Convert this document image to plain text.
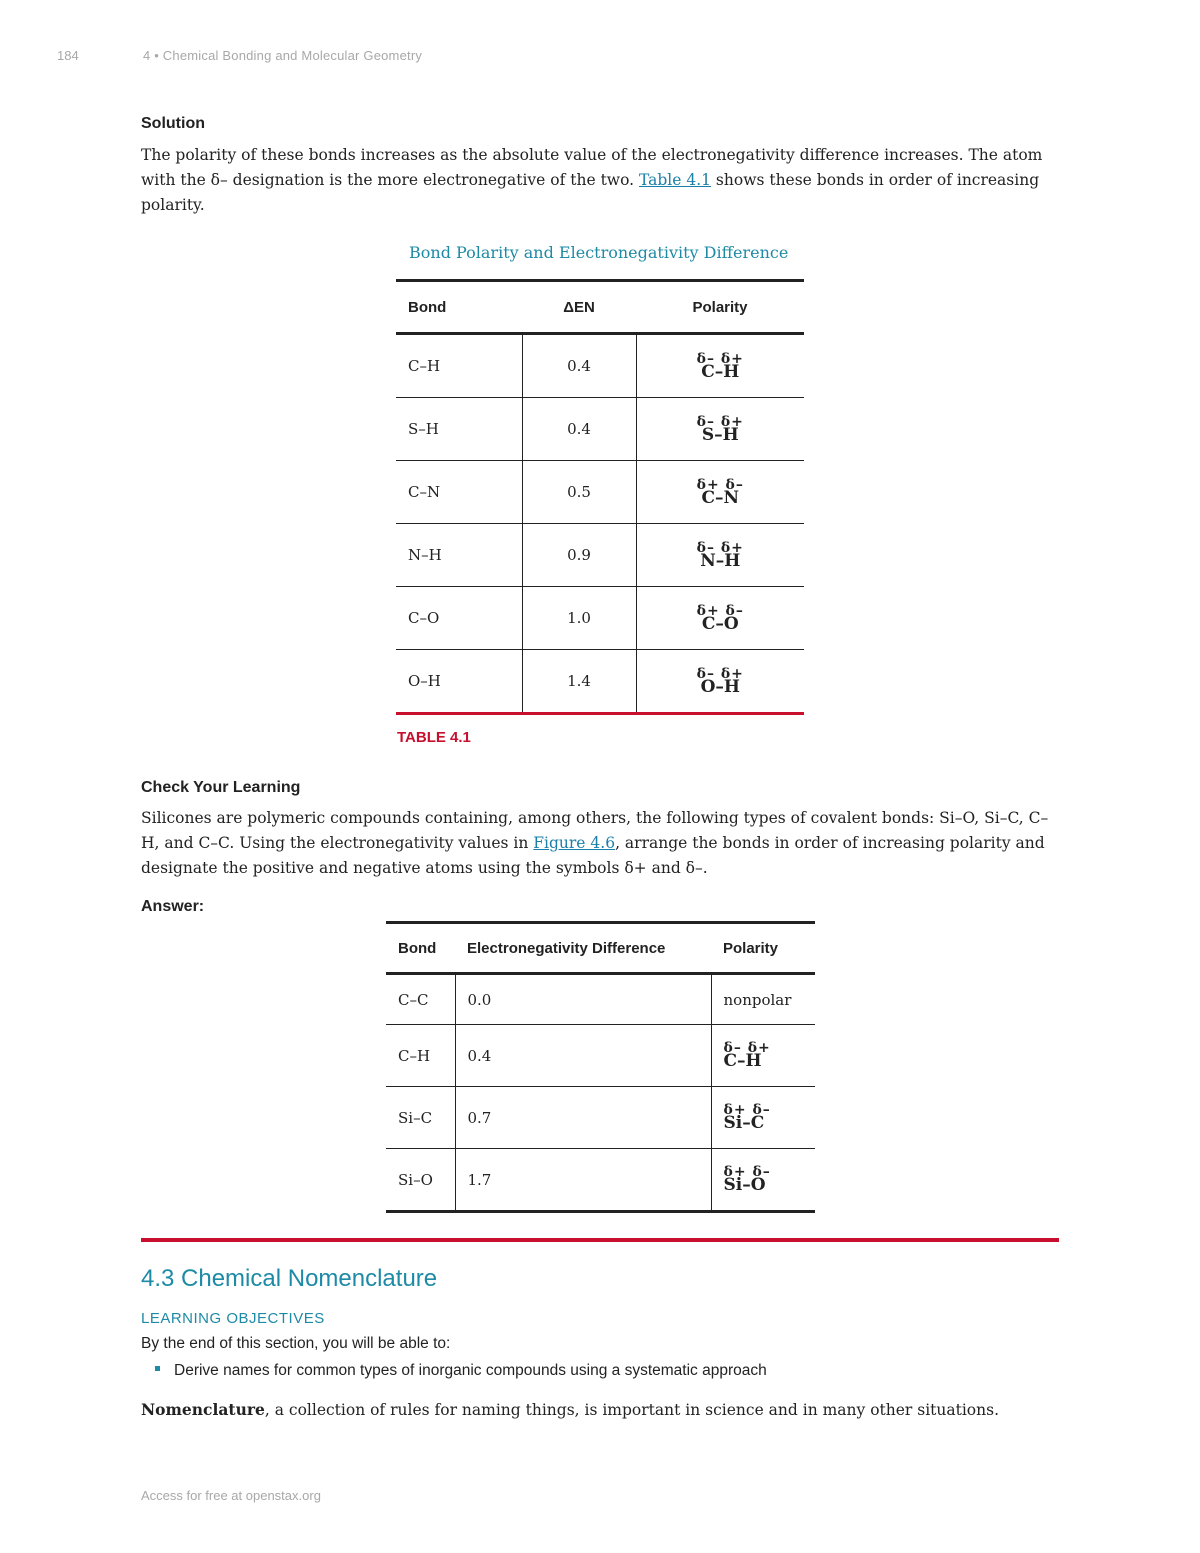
184	4 • Chemical Bonding and Molecular Geometry
Solution
The polarity of these bonds increases as the absolute value of the electronegativity difference increases. The atom with the δ– designation is the more electronegative of the two. Table 4.1 shows these bonds in order of increasing polarity.
Bond Polarity and Electronegativity Difference
Bond	ΔEN	Polarity
C–H	0.4	δ– δ+
C–H

S–H	0.4	δ– δ+
S–H

C–N	0.5	δ+ δ–
C–N

N–H	0.9	δ– δ+
N–H

C–O	1.0	δ+ δ–
C–O

O–H	1.4	δ– δ+
O–H
TABLE 4.1
Check Your Learning
Silicones are polymeric compounds containing, among others, the following types of covalent bonds: Si–O, Si–C, C–H, and C–C. Using the electronegativity values in Figure 4.6, arrange the bonds in order of increasing polarity and designate the positive and negative atoms using the symbols δ+ and δ–.
Answer:
Bond	Electronegativity Difference	Polarity
C–C	0.0	nonpolar
C–H	0.4	δ– δ+
C–H

Si–C	0.7	δ+ δ–
Si–C

Si–O	1.7	δ+ δ–
Si–O
4.3 Chemical Nomenclature
LEARNING OBJECTIVES
By the end of this section, you will be able to:
Derive names for common types of inorganic compounds using a systematic approach
Nomenclature, a collection of rules for naming things, is important in science and in many other situations.
Access for free at openstax.org
